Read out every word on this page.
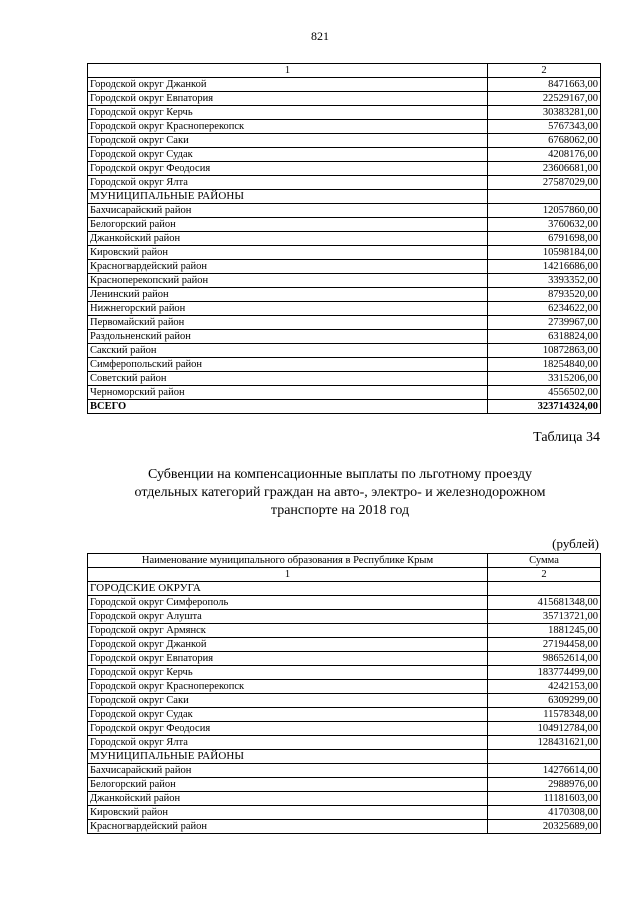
821
1	2
Городской округ Джанкой	8471663,00
Городской округ Евпатория	22529167,00
Городской округ Керчь	30383281,00
Городской округ Красноперекопск	5767343,00
Городской округ Саки	6768062,00
Городской округ Судак	4208176,00
Городской округ Феодосия	23606681,00
Городской округ Ялта	27587029,00
МУНИЦИПАЛЬНЫЕ РАЙОНЫ	
Бахчисарайский район	12057860,00
Белогорский район	3760632,00
Джанкойский район	6791698,00
Кировский район	10598184,00
Красногвардейский район	14216686,00
Красноперекопский район	3393352,00
Ленинский район	8793520,00
Нижнегорский район	6234622,00
Первомайский район	2739967,00
Раздольненский район	6318824,00
Сакский район	10872863,00
Симферопольский район	18254840,00
Советский район	3315206,00
Черноморский район	4556502,00
ВСЕГО	323714324,00
Таблица 34
Субвенции на компенсационные выплаты по льготному проезду
отдельных категорий граждан на авто-, электро- и железнодорожном
транспорте на 2018 год
(рублей)
Наименование муниципального образования в Республике Крым	Сумма
1	2
ГОРОДСКИЕ ОКРУГА	
Городской округ Симферополь	415681348,00
Городской округ Алушта	35713721,00
Городской округ Армянск	1881245,00
Городской округ Джанкой	27194458,00
Городской округ Евпатория	98652614,00
Городской округ Керчь	183774499,00
Городской округ Красноперекопск	4242153,00
Городской округ Саки	6309299,00
Городской округ Судак	11578348,00
Городской округ Феодосия	104912784,00
Городской округ Ялта	128431621,00
МУНИЦИПАЛЬНЫЕ РАЙОНЫ	
Бахчисарайский район	14276614,00
Белогорский район	2988976,00
Джанкойский район	11181603,00
Кировский район	4170308,00
Красногвардейский район	20325689,00
